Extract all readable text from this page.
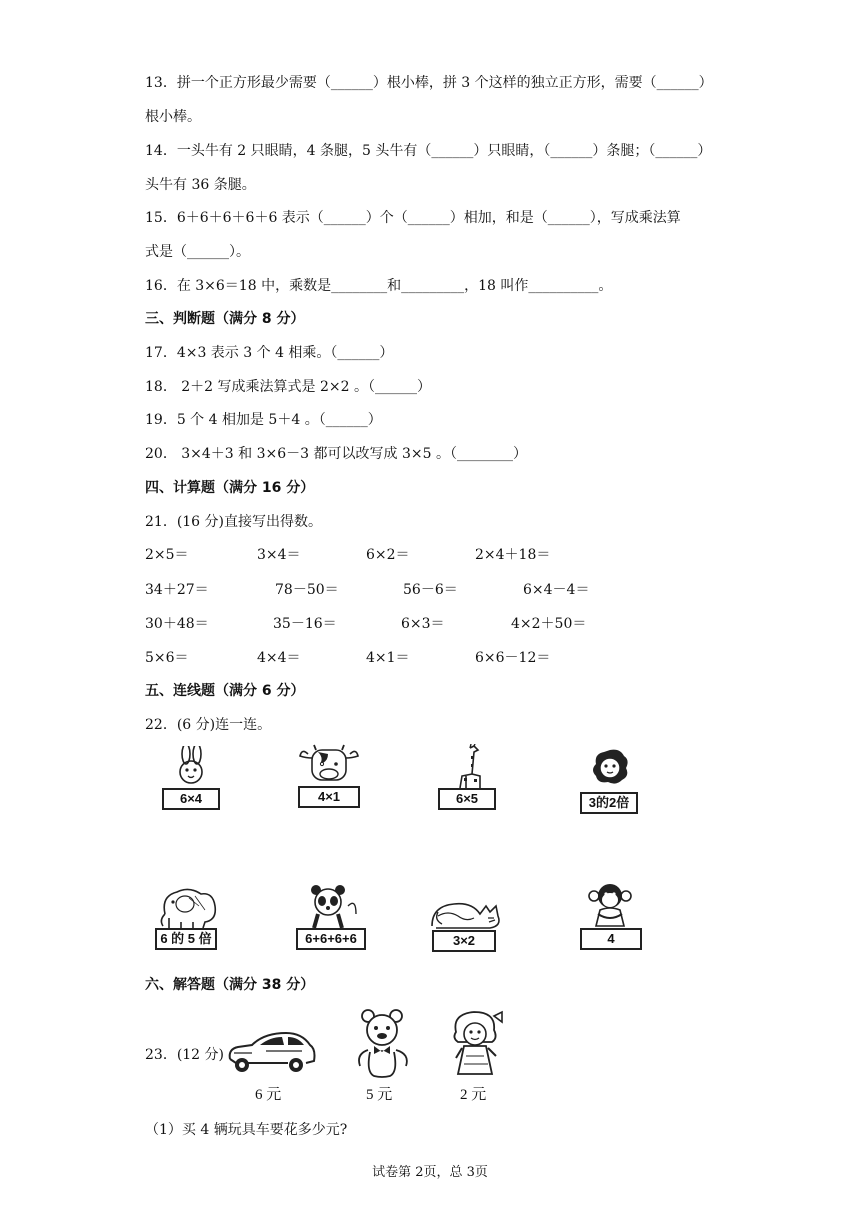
13．拼一个正方形最少需要（______）根小棒，拼 3 个这样的独立正方形，需要（______）
根小棒。
14．一头牛有 2 只眼睛，4 条腿，5 头牛有（______）只眼睛，（______）条腿；（______）
头牛有 36 条腿。
15．6＋6＋6＋6＋6 表示（______）个（______）相加，和是（______），写成乘法算
式是（______）。
16．在 3×6＝18 中，乘数是________和_________，18 叫作__________。
三、判断题（满分 8 分）
17．4×3 表示 3 个 4 相乘。（______）
18． 2＋2 写成乘法算式是 2×2 。（______）
19．5 个 4 相加是 5＋4 。（______）
20． 3×4＋3 和 3×6－3 都可以改写成 3×5 。（________）
四、计算题（满分 16 分）
21．(16 分)直接写出得数。
2×5＝	3×4＝	6×2＝	2×4＋18＝
34＋27＝	78－50＝	56－6＝	6×4－4＝
30＋48＝	35－16＝	6×3＝	4×2＋50＝
5×6＝	4×4＝	4×1＝	6×6－12＝
五、连线题（满分 6 分）
22．(6 分)连一连。
6×4	4×1	6×5	3的2倍
6 的 5 倍	6+6+6+6	3×2	4
六、解答题（满分 38 分）
23．(12 分)
6 元	5 元	2 元
（1）买 4 辆玩具车要花多少元?
试卷第 2页，总 3页
